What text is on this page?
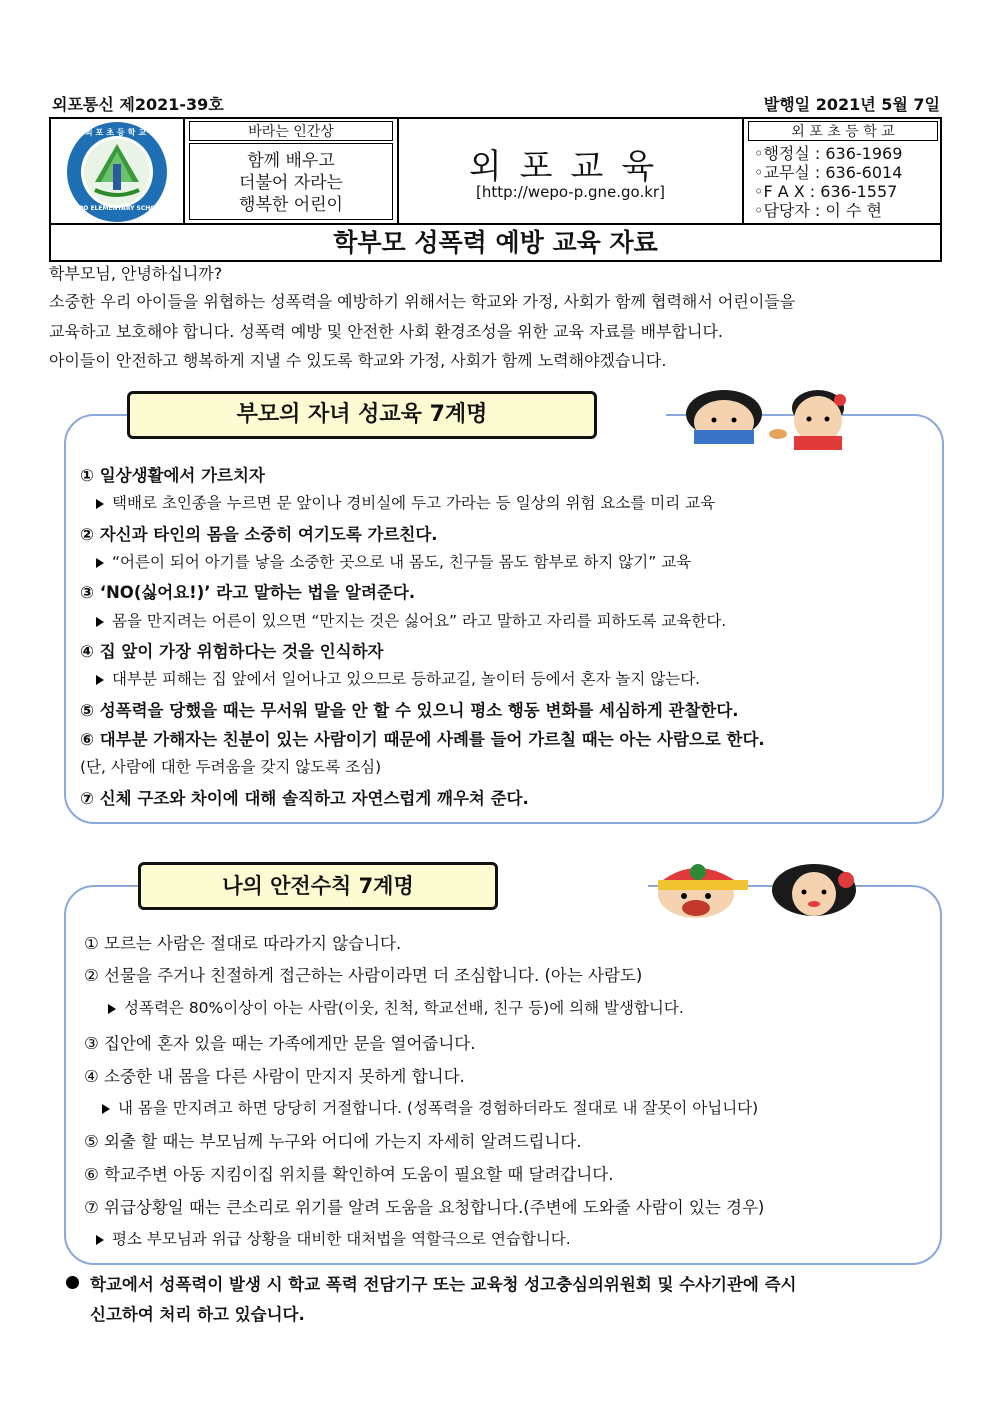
외포통신 제2021-39호	발행일 2021년 5월 7일
외포초등학교
OEPO ELEMENTARY SCHOOL
바라는 인간상
함께 배우고
더불어 자라는
행복한 어린이
외포교육
[http://wepo-p.gne.go.kr]
외 포 초 등 학 교
◦행정실 : 636-1969
◦교무실 : 636-6014
◦F A X : 636-1557
◦담당자 : 이 수 현
학부모 성폭력 예방 교육 자료
학부모님, 안녕하십니까?
소중한 우리 아이들을 위협하는 성폭력을 예방하기 위해서는 학교와 가정, 사회가 함께 협력해서 어린이들을
교육하고 보호해야 합니다. 성폭력 예방 및 안전한 사회 환경조성을 위한 교육 자료를 배부합니다.
아이들이 안전하고 행복하게 지낼 수 있도록 학교와 가정, 사회가 함께 노력해야겠습니다.
부모의 자녀 성교육 7계명
① 일상생활에서 가르치자
택배로 초인종을 누르면 문 앞이나 경비실에 두고 가라는 등 일상의 위험 요소를 미리 교육
② 자신과 타인의 몸을 소중히 여기도록 가르친다.
“어른이 되어 아기를 낳을 소중한 곳으로 내 몸도, 친구들 몸도 함부로 하지 않기” 교육
③ ‘NO(싫어요!)’ 라고 말하는 법을 알려준다.
몸을 만지려는 어른이 있으면 “만지는 것은 싫어요” 라고 말하고 자리를 피하도록 교육한다.
④ 집 앞이 가장 위험하다는 것을 인식하자
대부분 피해는 집 앞에서 일어나고 있으므로 등하교길, 놀이터 등에서 혼자 놀지 않는다.
⑤ 성폭력을 당했을 때는 무서워 말을 안 할 수 있으니 평소 행동 변화를 세심하게 관찰한다.
⑥ 대부분 가해자는 친분이 있는 사람이기 때문에 사례를 들어 가르칠 때는 아는 사람으로 한다.
(단, 사람에 대한 두려움을 갖지 않도록 조심)
⑦ 신체 구조와 차이에 대해 솔직하고 자연스럽게 깨우쳐 준다.
나의 안전수칙 7계명
① 모르는 사람은 절대로 따라가지 않습니다.
② 선물을 주거나 친절하게 접근하는 사람이라면 더 조심합니다. (아는 사람도)
성폭력은 80%이상이 아는 사람(이웃, 친척, 학교선배, 친구 등)에 의해 발생합니다.
③ 집안에 혼자 있을 때는 가족에게만 문을 열어줍니다.
④ 소중한 내 몸을 다른 사람이 만지지 못하게 합니다.
내 몸을 만지려고 하면 당당히 거절합니다. (성폭력을 경험하더라도 절대로 내 잘못이 아닙니다)
⑤ 외출 할 때는 부모님께 누구와 어디에 가는지 자세히 알려드립니다.
⑥ 학교주변 아동 지킴이집 위치를 확인하여 도움이 필요할 때 달려갑니다.
⑦ 위급상황일 때는 큰소리로 위기를 알려 도움을 요청합니다.(주변에 도와줄 사람이 있는 경우)
평소 부모님과 위급 상황을 대비한 대처법을 역할극으로 연습합니다.
학교에서 성폭력이 발생 시 학교 폭력 전담기구 또는 교육청 성고충심의위원회 및 수사기관에 즉시
신고하여 처리 하고 있습니다.
